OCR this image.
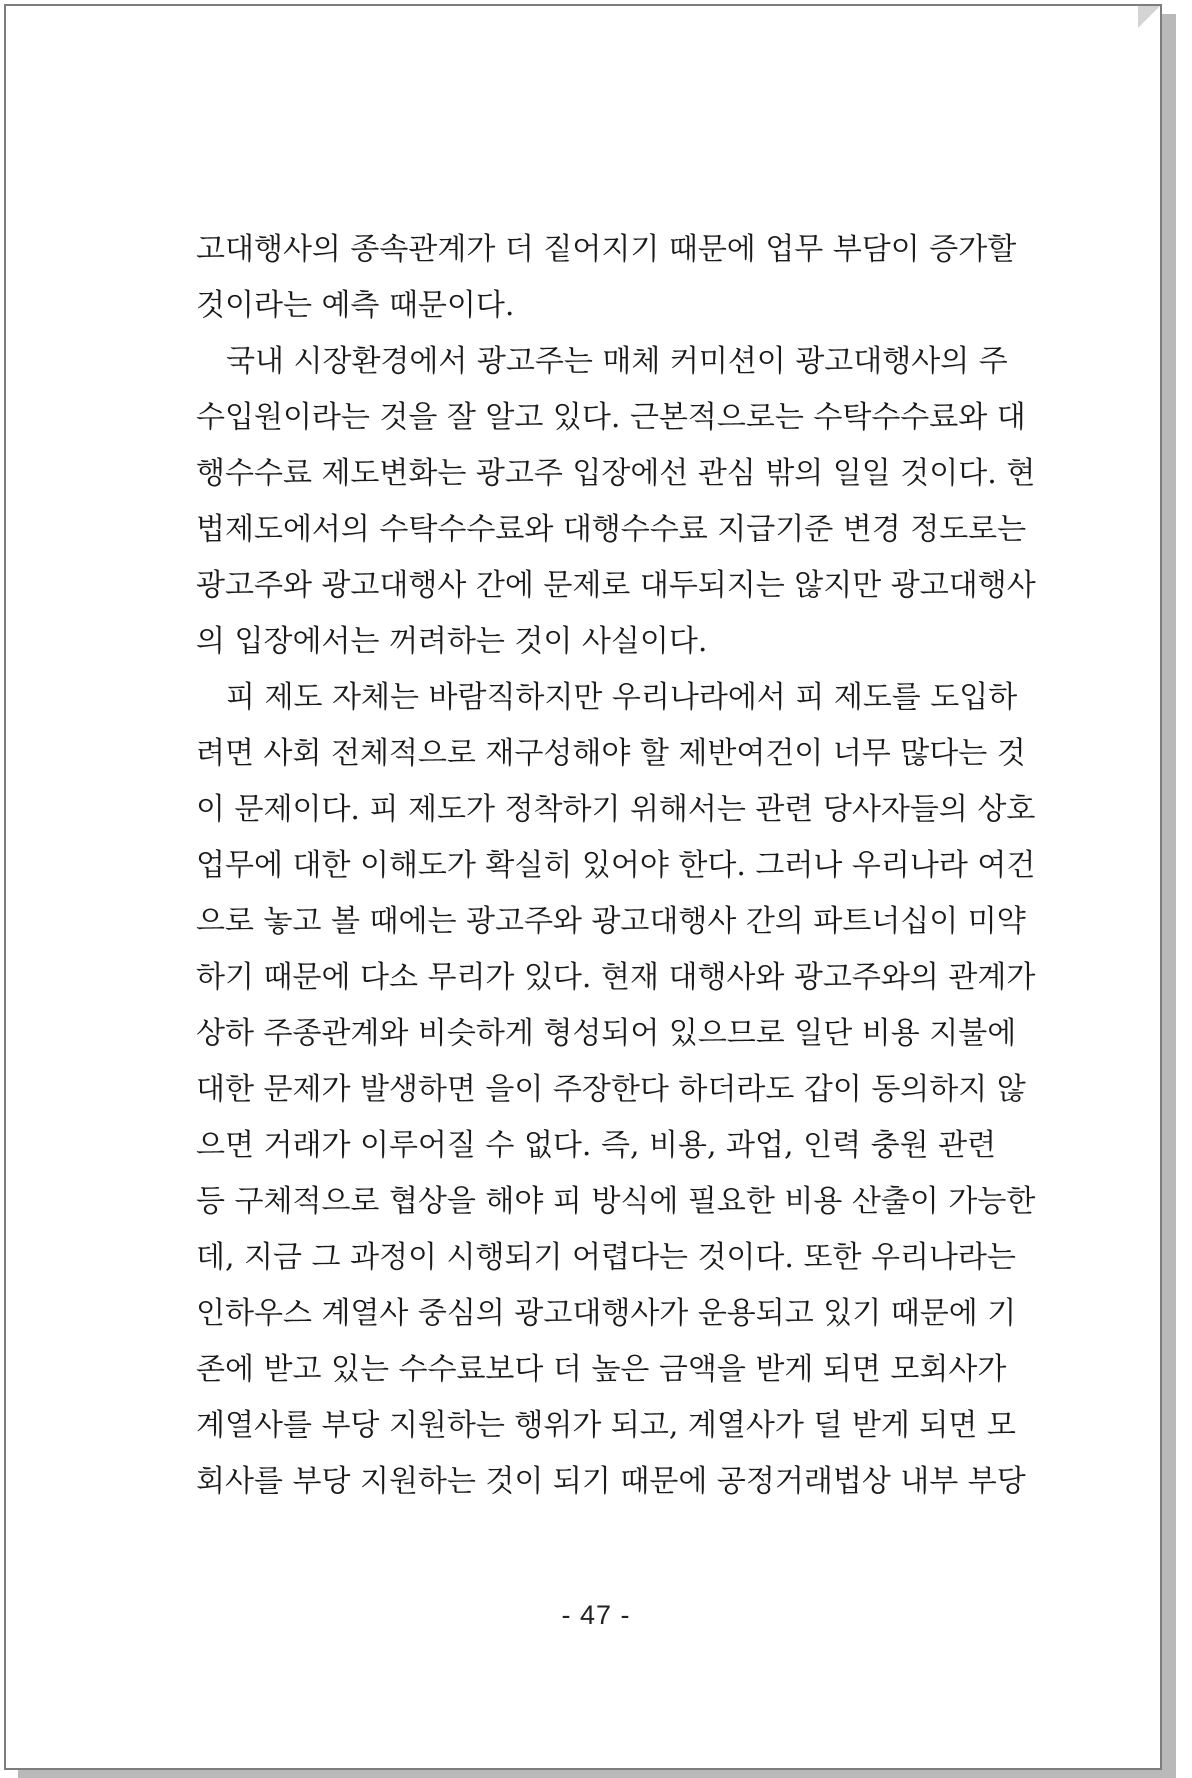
고대행사의 종속관계가 더 짙어지기 때문에 업무 부담이 증가할
것이라는 예측 때문이다.
국내 시장환경에서 광고주는 매체 커미션이 광고대행사의 주
수입원이라는 것을 잘 알고 있다. 근본적으로는 수탁수수료와 대
행수수료 제도변화는 광고주 입장에선 관심 밖의 일일 것이다. 현
법제도에서의 수탁수수료와 대행수수료 지급기준 변경 정도로는
광고주와 광고대행사 간에 문제로 대두되지는 않지만 광고대행사
의 입장에서는 꺼려하는 것이 사실이다.
피 제도 자체는 바람직하지만 우리나라에서 피 제도를 도입하
려면 사회 전체적으로 재구성해야 할 제반여건이 너무 많다는 것
이 문제이다. 피 제도가 정착하기 위해서는 관련 당사자들의 상호
업무에 대한 이해도가 확실히 있어야 한다. 그러나 우리나라 여건
으로 놓고 볼 때에는 광고주와 광고대행사 간의 파트너십이 미약
하기 때문에 다소 무리가 있다. 현재 대행사와 광고주와의 관계가
상하 주종관계와 비슷하게 형성되어 있으므로 일단 비용 지불에
대한 문제가 발생하면 을이 주장한다 하더라도 갑이 동의하지 않
으면 거래가 이루어질 수 없다. 즉, 비용, 과업, 인력 충원 관련
등 구체적으로 협상을 해야 피 방식에 필요한 비용 산출이 가능한
데, 지금 그 과정이 시행되기 어렵다는 것이다. 또한 우리나라는
인하우스 계열사 중심의 광고대행사가 운용되고 있기 때문에 기
존에 받고 있는 수수료보다 더 높은 금액을 받게 되면 모회사가
계열사를 부당 지원하는 행위가 되고, 계열사가 덜 받게 되면 모
회사를 부당 지원하는 것이 되기 때문에 공정거래법상 내부 부당
- 47 -
